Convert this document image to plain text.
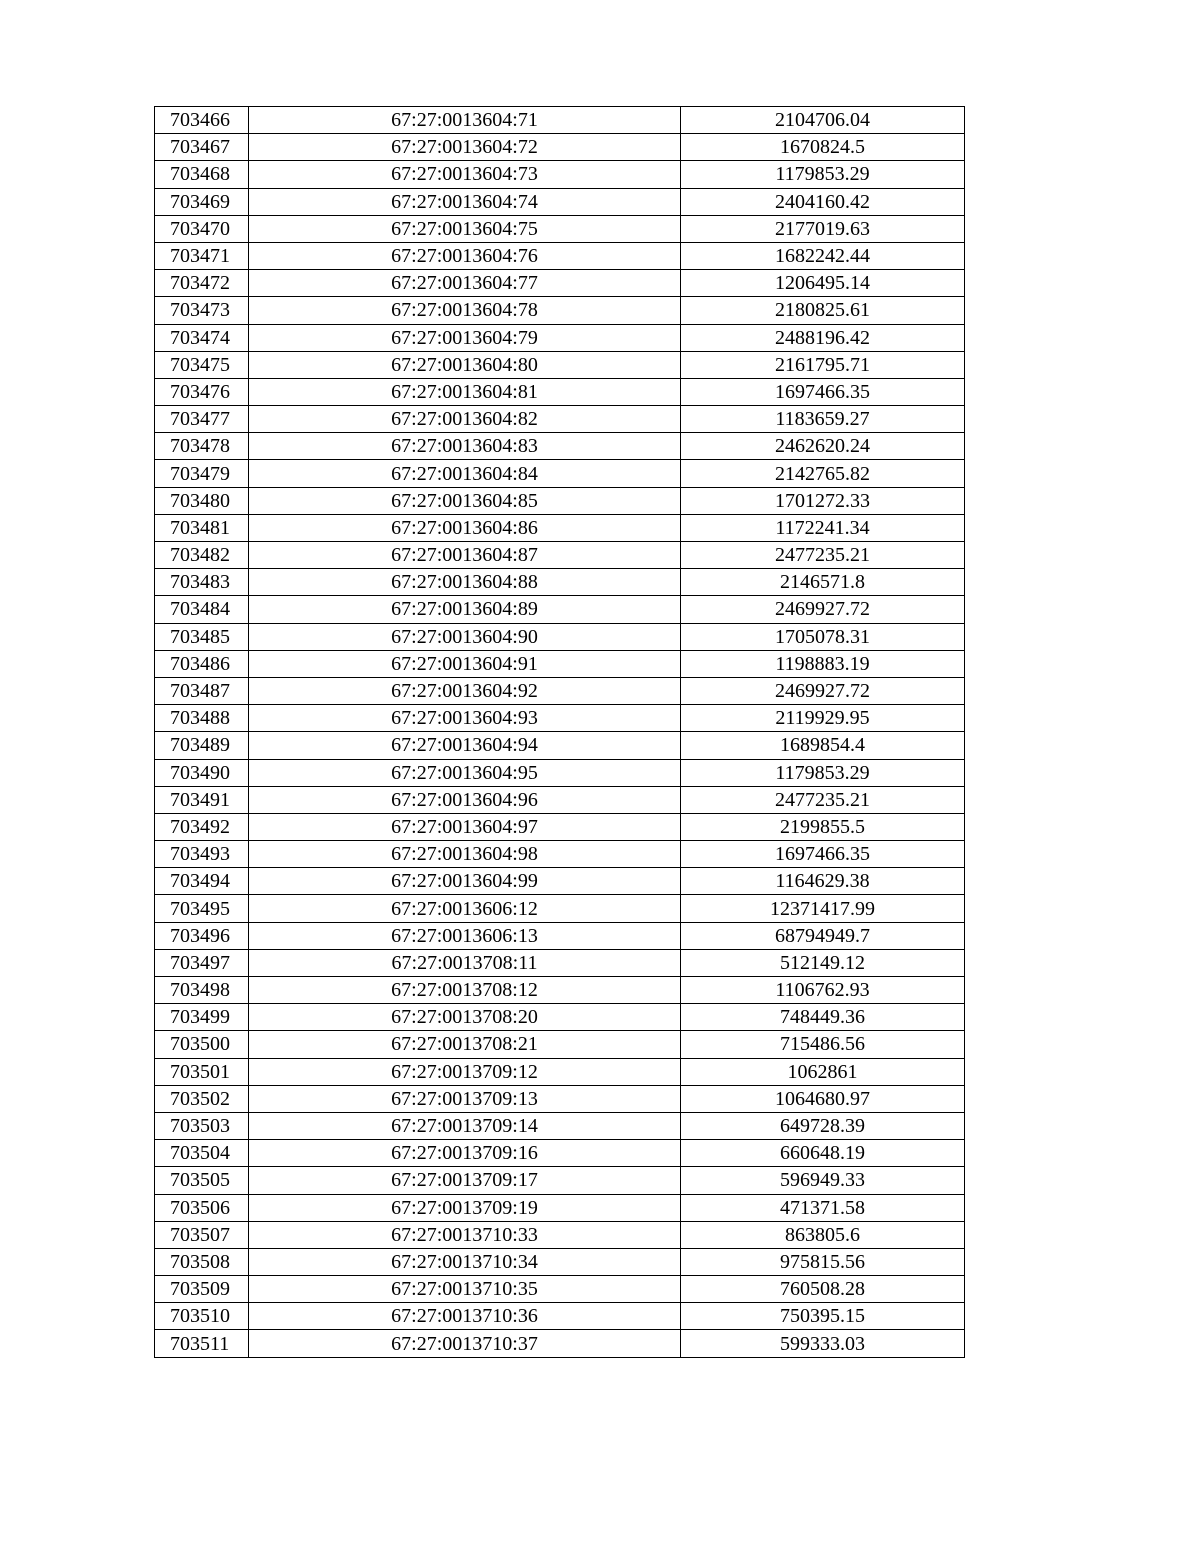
703466	67:27:0013604:71	2104706.04
703467	67:27:0013604:72	1670824.5
703468	67:27:0013604:73	1179853.29
703469	67:27:0013604:74	2404160.42
703470	67:27:0013604:75	2177019.63
703471	67:27:0013604:76	1682242.44
703472	67:27:0013604:77	1206495.14
703473	67:27:0013604:78	2180825.61
703474	67:27:0013604:79	2488196.42
703475	67:27:0013604:80	2161795.71
703476	67:27:0013604:81	1697466.35
703477	67:27:0013604:82	1183659.27
703478	67:27:0013604:83	2462620.24
703479	67:27:0013604:84	2142765.82
703480	67:27:0013604:85	1701272.33
703481	67:27:0013604:86	1172241.34
703482	67:27:0013604:87	2477235.21
703483	67:27:0013604:88	2146571.8
703484	67:27:0013604:89	2469927.72
703485	67:27:0013604:90	1705078.31
703486	67:27:0013604:91	1198883.19
703487	67:27:0013604:92	2469927.72
703488	67:27:0013604:93	2119929.95
703489	67:27:0013604:94	1689854.4
703490	67:27:0013604:95	1179853.29
703491	67:27:0013604:96	2477235.21
703492	67:27:0013604:97	2199855.5
703493	67:27:0013604:98	1697466.35
703494	67:27:0013604:99	1164629.38
703495	67:27:0013606:12	12371417.99
703496	67:27:0013606:13	68794949.7
703497	67:27:0013708:11	512149.12
703498	67:27:0013708:12	1106762.93
703499	67:27:0013708:20	748449.36
703500	67:27:0013708:21	715486.56
703501	67:27:0013709:12	1062861
703502	67:27:0013709:13	1064680.97
703503	67:27:0013709:14	649728.39
703504	67:27:0013709:16	660648.19
703505	67:27:0013709:17	596949.33
703506	67:27:0013709:19	471371.58
703507	67:27:0013710:33	863805.6
703508	67:27:0013710:34	975815.56
703509	67:27:0013710:35	760508.28
703510	67:27:0013710:36	750395.15
703511	67:27:0013710:37	599333.03
